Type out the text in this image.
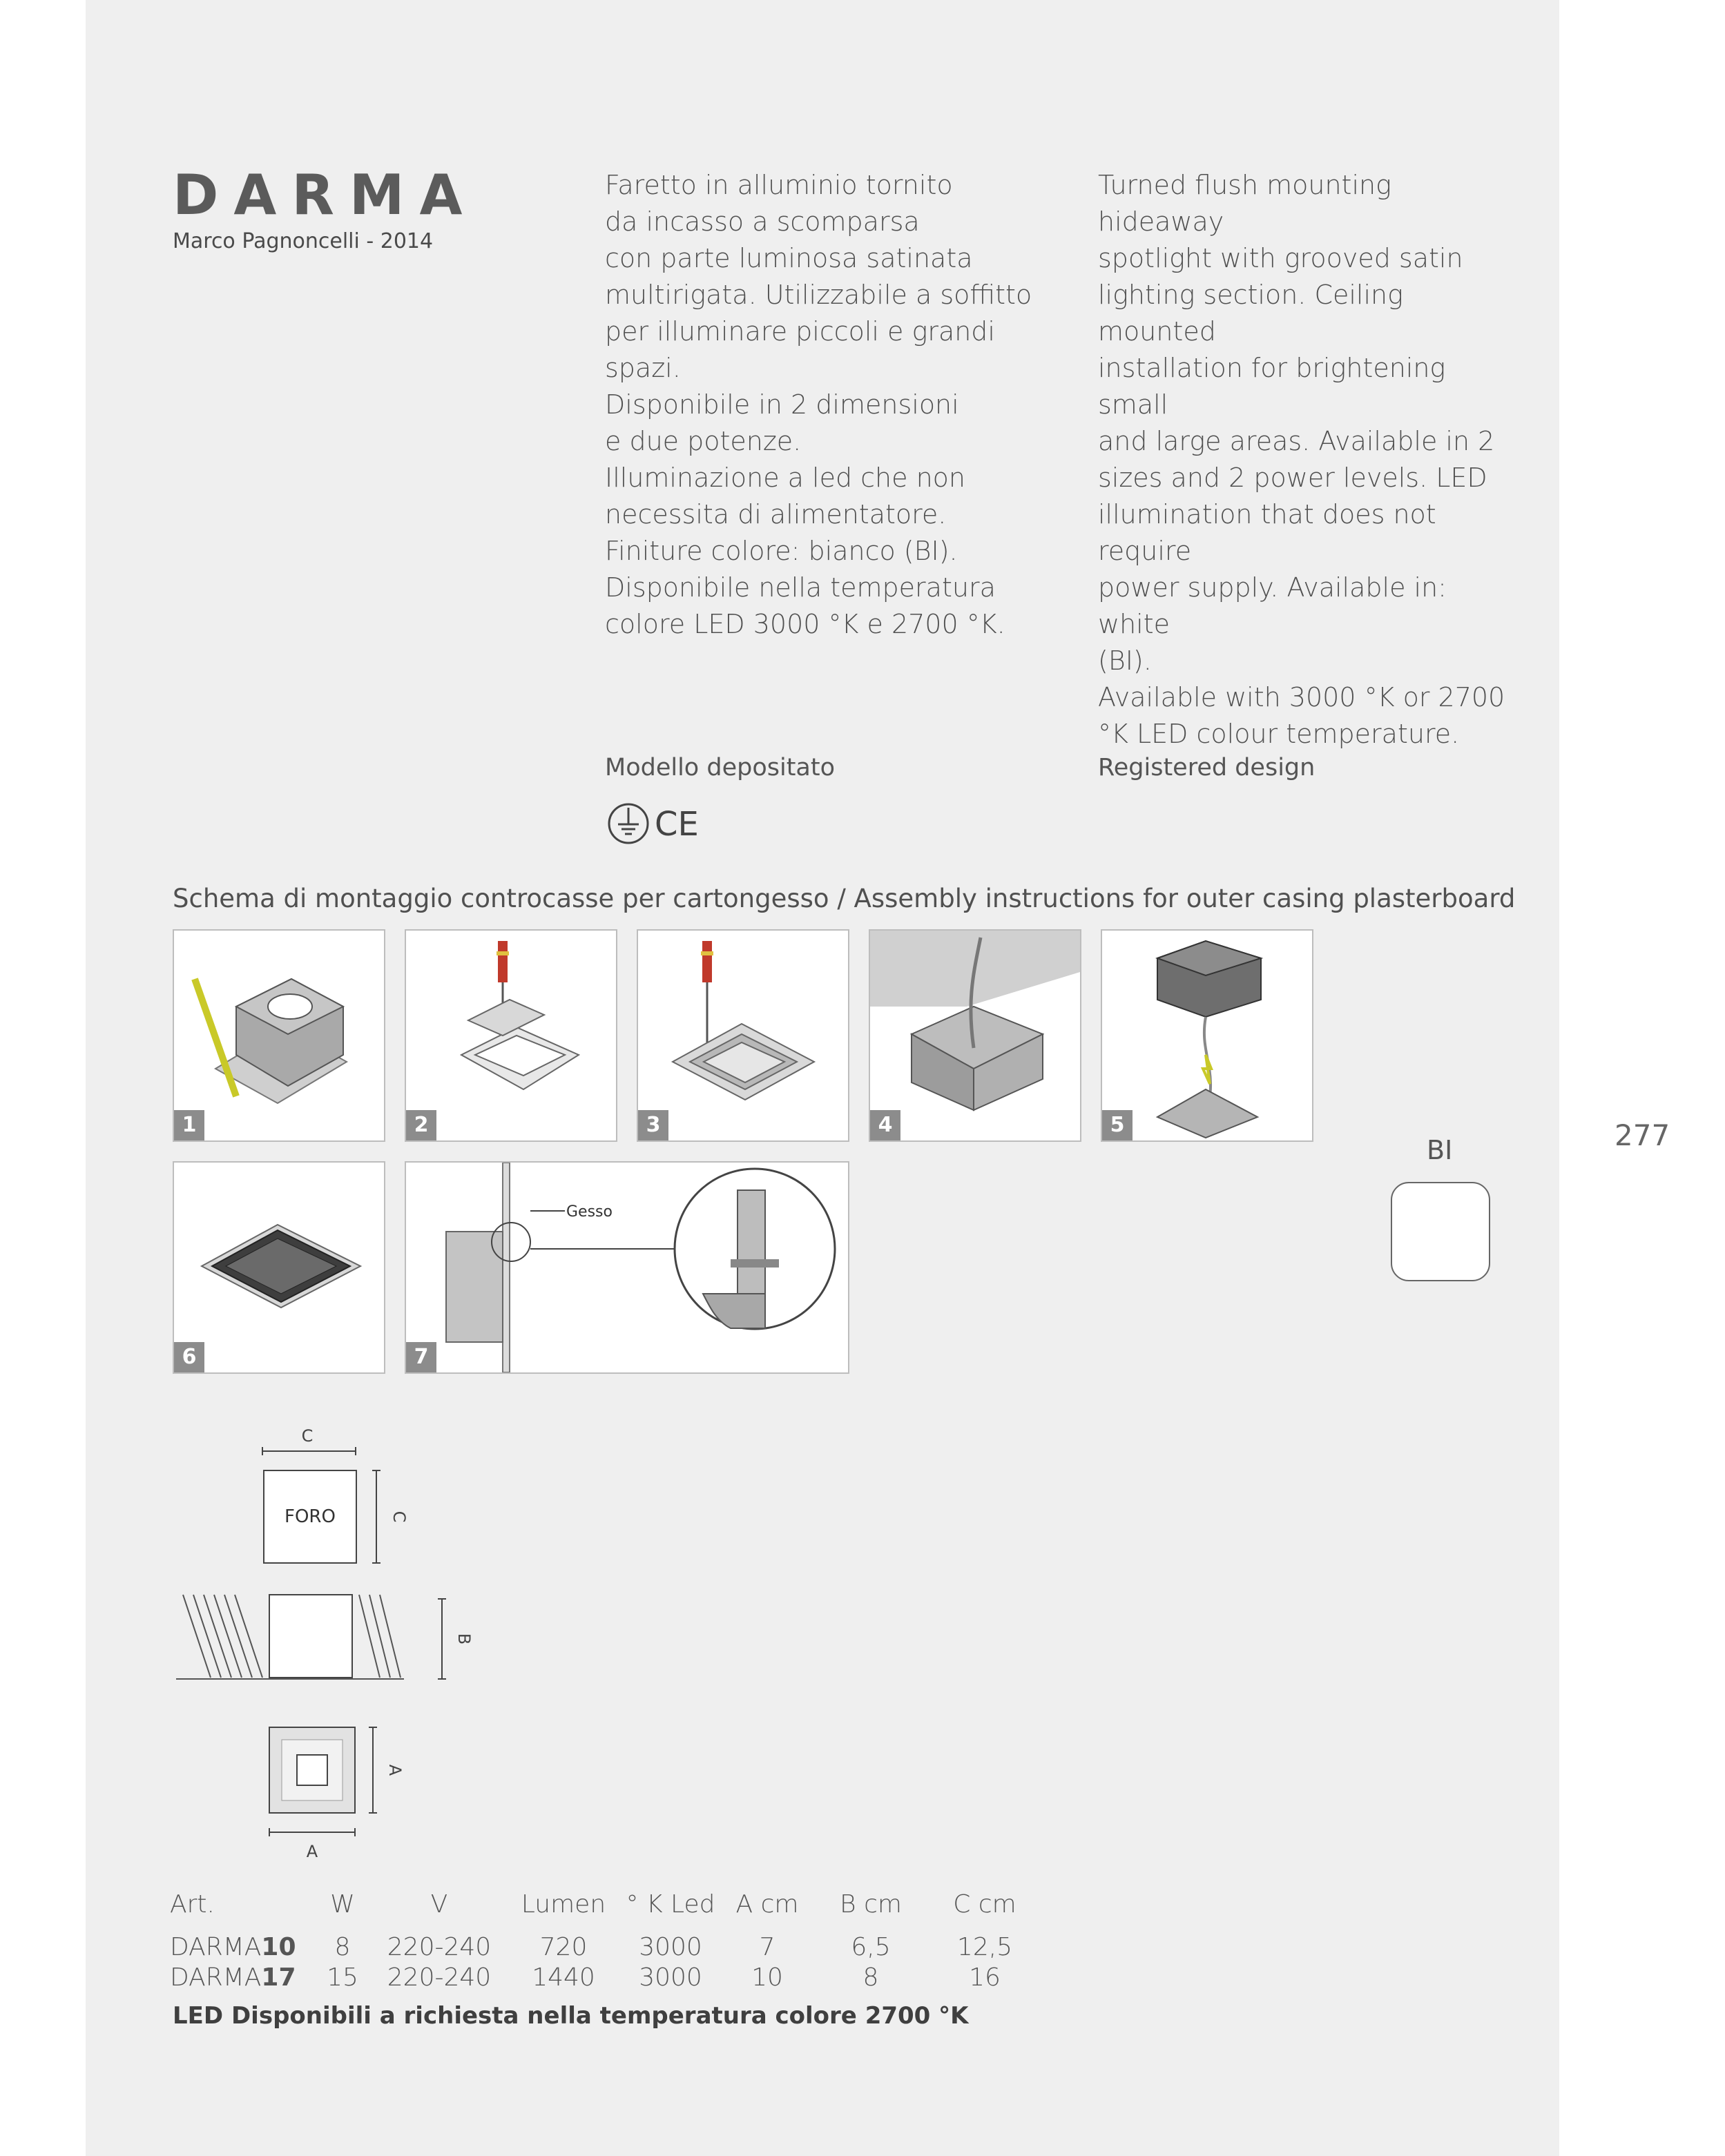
DARMA
Marco Pagnoncelli - 2014
Faretto in alluminio tornito
da incasso a scomparsa
con parte luminosa satinata
multirigata. Utilizzabile a soffitto
per illuminare piccoli e grandi
spazi.
Disponibile in 2 dimensioni
e due potenze.
Illuminazione a led che non
necessita di alimentatore.
Finiture colore: bianco (BI).
Disponibile nella temperatura
colore LED 3000 °K e 2700 °K.
Turned flush mounting hideaway
spotlight with grooved satin
lighting section. Ceiling mounted
installation for brightening small
and large areas. Available in 2
sizes and 2 power levels. LED
illumination that does not require
power supply. Available in: white
(BI).
Available with 3000 °K or 2700
°K LED colour temperature.
Modello depositato	Registered design
CE
Schema di montaggio controcasse per cartongesso / Assembly instructions for outer casing plasterboard
1	2	3	4	5
6
Gesso
7
277
BI
C
FORO	C
B
A
A
Art.	W	V	Lumen	° K Led	A cm	B cm	C cm
DARMA10	8	220-240	720	3000	7	6,5	12,5
DARMA17	15	220-240	1440	3000	10	8	16
LED Disponibili a richiesta nella temperatura colore 2700 °K
